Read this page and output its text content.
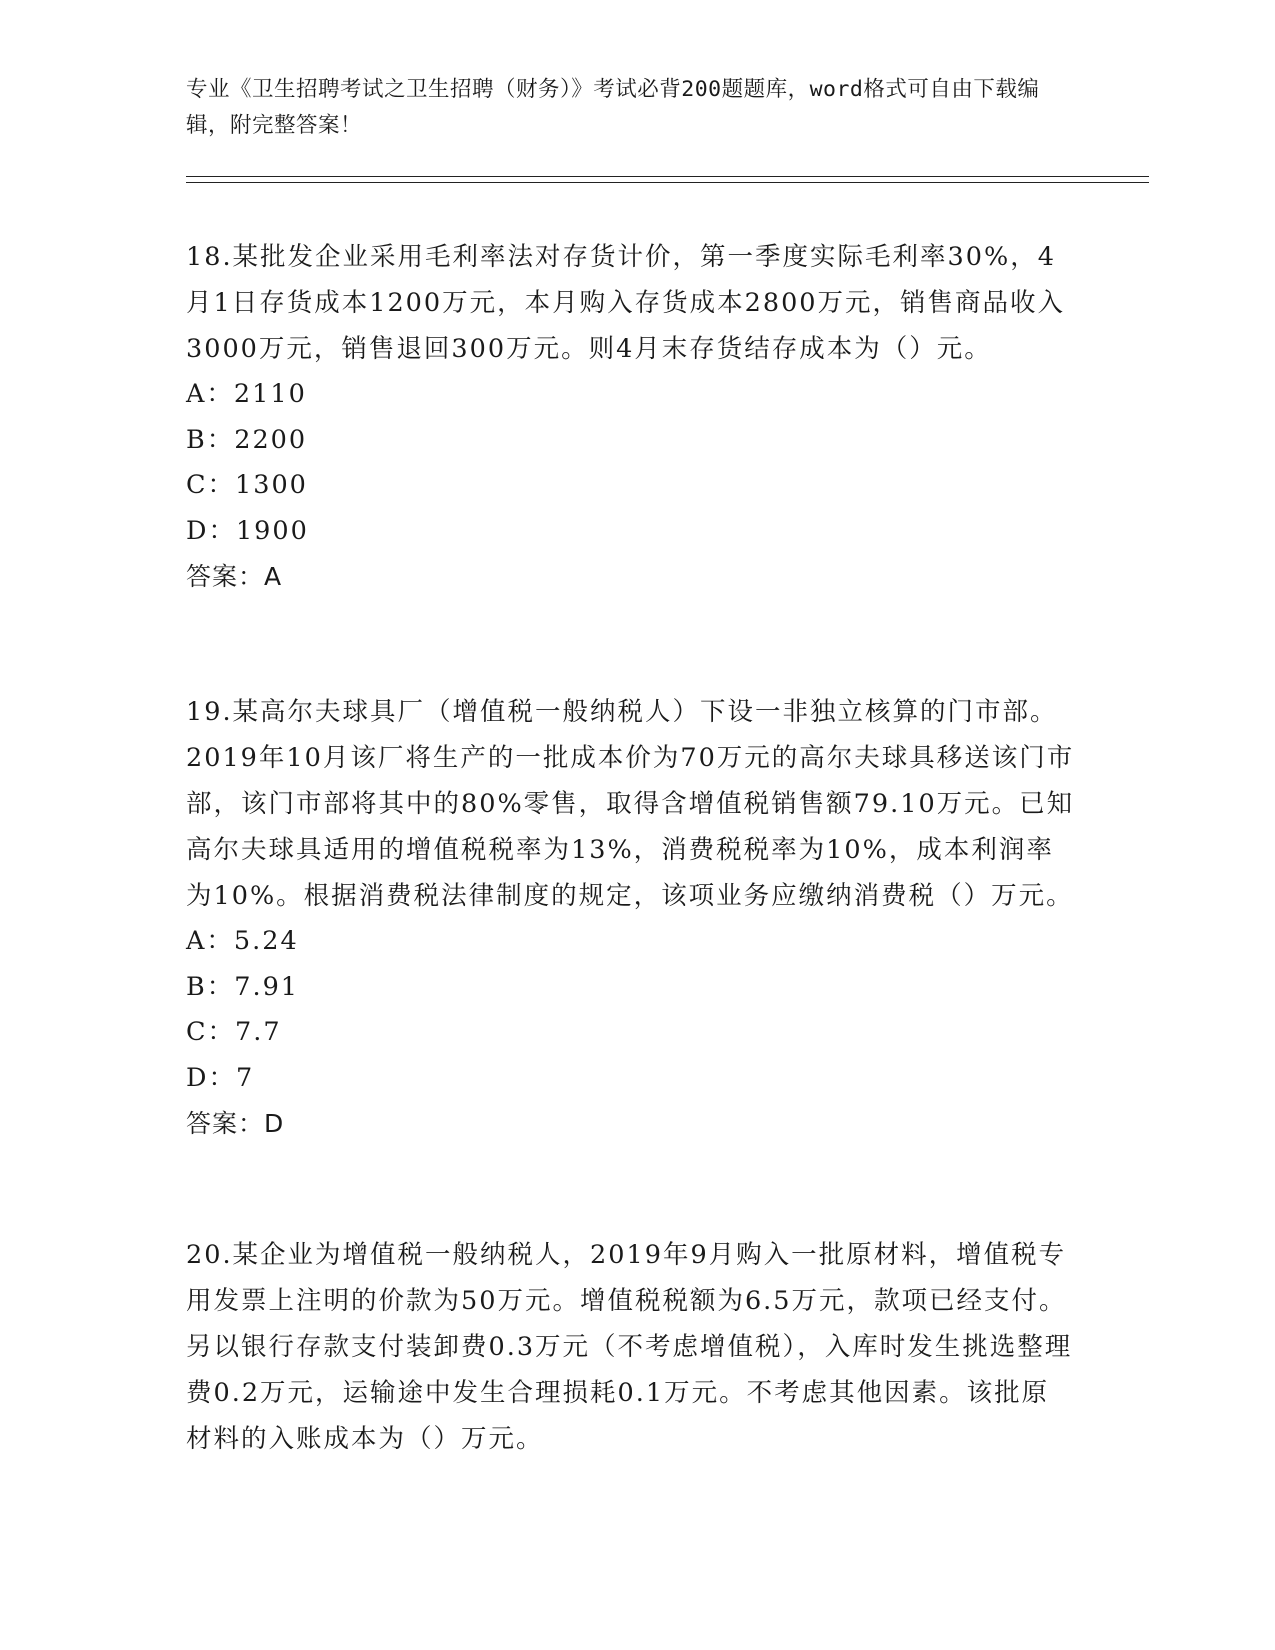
专业《卫生招聘考试之卫生招聘（财务）》考试必背200题题库，word格式可自由下载编辑，附完整答案！

18.某批发企业采用毛利率法对存货计价，第一季度实际毛利率30%，4月1日存货成本1200万元，本月购入存货成本2800万元，销售商品收入3000万元，销售退回300万元。则4月末存货结存成本为（）元。

A：2110

B：2200

C：1300

D：1900

答案：A

19.某高尔夫球具厂（增值税一般纳税人）下设一非独立核算的门市部。2019年10月该厂将生产的一批成本价为70万元的高尔夫球具移送该门市部，该门市部将其中的80%零售，取得含增值税销售额79.10万元。已知高尔夫球具适用的增值税税率为13%，消费税税率为10%，成本利润率为10%。根据消费税法律制度的规定，该项业务应缴纳消费税（）万元。

A：5.24

B：7.91

C：7.7

D：7

答案：D

20.某企业为增值税一般纳税人，2019年9月购入一批原材料，增值税专用发票上注明的价款为50万元。增值税税额为6.5万元，款项已经支付。另以银行存款支付装卸费0.3万元（不考虑增值税），入库时发生挑选整理费0.2万元，运输途中发生合理损耗0.1万元。不考虑其他因素。该批原材料的入账成本为（）万元。
